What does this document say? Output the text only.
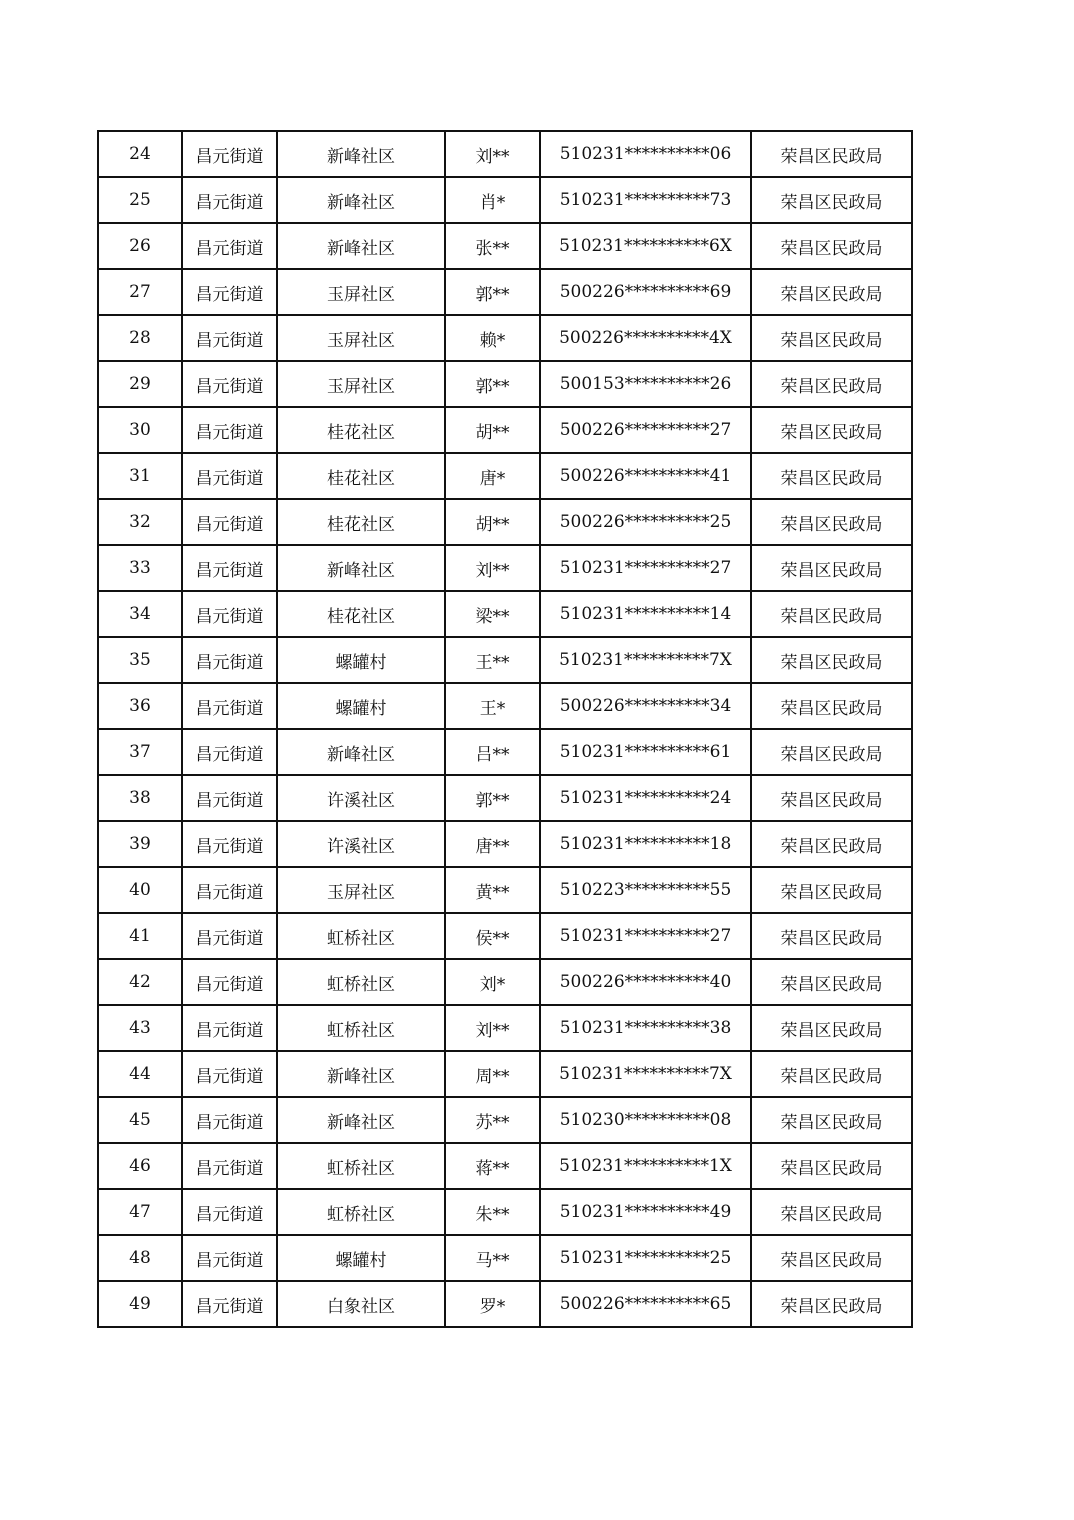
24	昌元街道	新峰社区	刘**	510231**********06	荣昌区民政局
25	昌元街道	新峰社区	肖*	510231**********73	荣昌区民政局
26	昌元街道	新峰社区	张**	510231**********6X	荣昌区民政局
27	昌元街道	玉屏社区	郭**	500226**********69	荣昌区民政局
28	昌元街道	玉屏社区	赖*	500226**********4X	荣昌区民政局
29	昌元街道	玉屏社区	郭**	500153**********26	荣昌区民政局
30	昌元街道	桂花社区	胡**	500226**********27	荣昌区民政局
31	昌元街道	桂花社区	唐*	500226**********41	荣昌区民政局
32	昌元街道	桂花社区	胡**	500226**********25	荣昌区民政局
33	昌元街道	新峰社区	刘**	510231**********27	荣昌区民政局
34	昌元街道	桂花社区	梁**	510231**********14	荣昌区民政局
35	昌元街道	螺罐村	王**	510231**********7X	荣昌区民政局
36	昌元街道	螺罐村	王*	500226**********34	荣昌区民政局
37	昌元街道	新峰社区	吕**	510231**********61	荣昌区民政局
38	昌元街道	许溪社区	郭**	510231**********24	荣昌区民政局
39	昌元街道	许溪社区	唐**	510231**********18	荣昌区民政局
40	昌元街道	玉屏社区	黄**	510223**********55	荣昌区民政局
41	昌元街道	虹桥社区	侯**	510231**********27	荣昌区民政局
42	昌元街道	虹桥社区	刘*	500226**********40	荣昌区民政局
43	昌元街道	虹桥社区	刘**	510231**********38	荣昌区民政局
44	昌元街道	新峰社区	周**	510231**********7X	荣昌区民政局
45	昌元街道	新峰社区	苏**	510230**********08	荣昌区民政局
46	昌元街道	虹桥社区	蒋**	510231**********1X	荣昌区民政局
47	昌元街道	虹桥社区	朱**	510231**********49	荣昌区民政局
48	昌元街道	螺罐村	马**	510231**********25	荣昌区民政局
49	昌元街道	白象社区	罗*	500226**********65	荣昌区民政局
